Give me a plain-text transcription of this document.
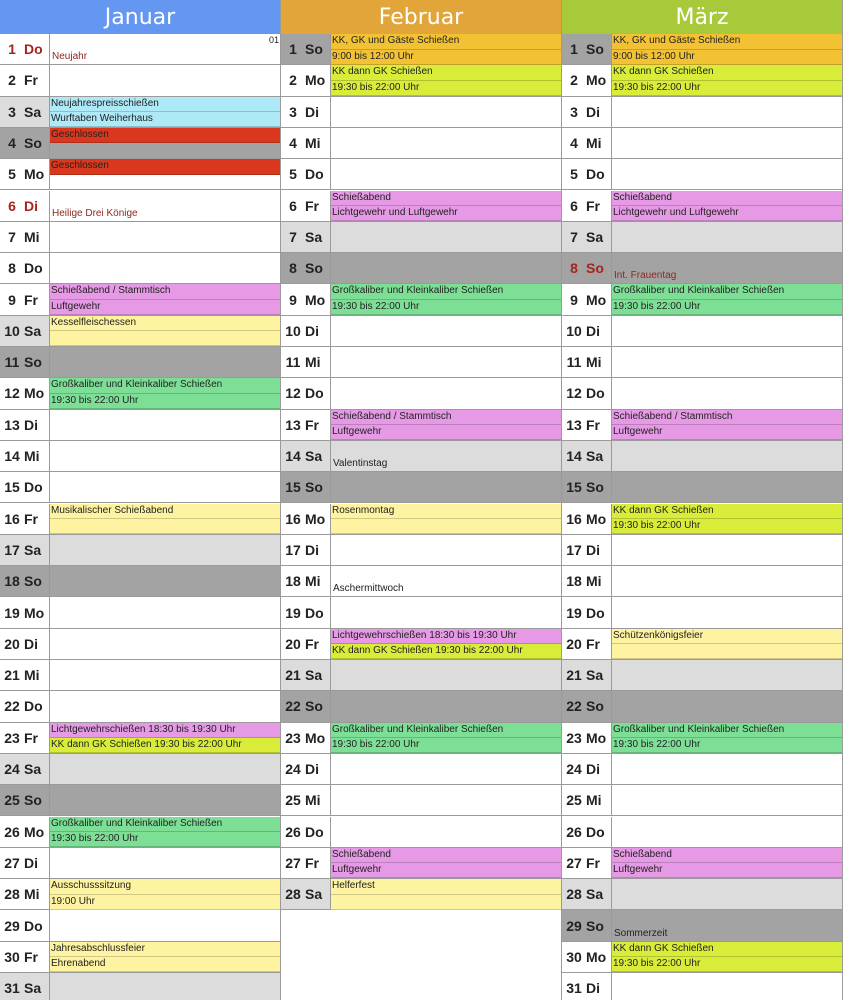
Januar
1 Do Neujahr
01
2 Fr
3 Sa
Neujahrespreisschießen
Wurftaben Weiherhaus
4 So
Geschlossen
5 Mo
Geschlossen
6 Di Heilige Drei Könige
7 Mi
8 Do
9 Fr
Schießabend / Stammtisch
Luftgewehr
10 Sa
Kesselfleischessen
11 So
12 Mo
Großkaliber und Kleinkaliber Schießen
19:30 bis 22:00 Uhr
13 Di
14 Mi
15 Do
16 Fr
Musikalischer Schießabend
17 Sa
18 So
19 Mo
20 Di
21 Mi
22 Do
23 Fr
Lichtgewehrschießen 18:30 bis 19:30 Uhr
KK dann GK Schießen 19:30 bis 22:00 Uhr
24 Sa
25 So
26 Mo
Großkaliber und Kleinkaliber Schießen
19:30 bis 22:00 Uhr
27 Di
28 Mi
Ausschusssitzung
19:00 Uhr
29 Do
30 Fr
Jahresabschlussfeier
Ehrenabend
31 Sa
Februar
1 So
KK, GK und Gäste Schießen
9:00 bis 12:00 Uhr
2 Mo
KK dann GK Schießen
19:30 bis 22:00 Uhr
3 Di
4 Mi
5 Do
6 Fr
Schießabend
Lichtgewehr und Luftgewehr
7 Sa
8 So
9 Mo
Großkaliber und Kleinkaliber Schießen
19:30 bis 22:00 Uhr
10 Di
11 Mi
12 Do
13 Fr
Schießabend / Stammtisch
Luftgewehr
14 Sa Valentinstag
15 So
16 Mo
Rosenmontag
17 Di
18 Mi Aschermittwoch
19 Do
20 Fr
Lichtgewehrschießen 18:30 bis 19:30 Uhr
KK dann GK Schießen 19:30 bis 22:00 Uhr
21 Sa
22 So
23 Mo
Großkaliber und Kleinkaliber Schießen
19:30 bis 22:00 Uhr
24 Di
25 Mi
26 Do
27 Fr
Schießabend
Luftgewehr
28 Sa
Helferfest
März
1 So
KK, GK und Gäste Schießen
9:00 bis 12:00 Uhr
2 Mo
KK dann GK Schießen
19:30 bis 22:00 Uhr
3 Di
4 Mi
5 Do
6 Fr
Schießabend
Lichtgewehr und Luftgewehr
7 Sa
8 So Int. Frauentag
9 Mo
Großkaliber und Kleinkaliber Schießen
19:30 bis 22:00 Uhr
10 Di
11 Mi
12 Do
13 Fr
Schießabend / Stammtisch
Luftgewehr
14 Sa
15 So
16 Mo
KK dann GK Schießen
19:30 bis 22:00 Uhr
17 Di
18 Mi
19 Do
20 Fr
Schützenkönigsfeier
21 Sa
22 So
23 Mo
Großkaliber und Kleinkaliber Schießen
19:30 bis 22:00 Uhr
24 Di
25 Mi
26 Do
27 Fr
Schießabend
Luftgewehr
28 Sa
29 So Sommerzeit
30 Mo
KK dann GK Schießen
19:30 bis 22:00 Uhr
31 Di
